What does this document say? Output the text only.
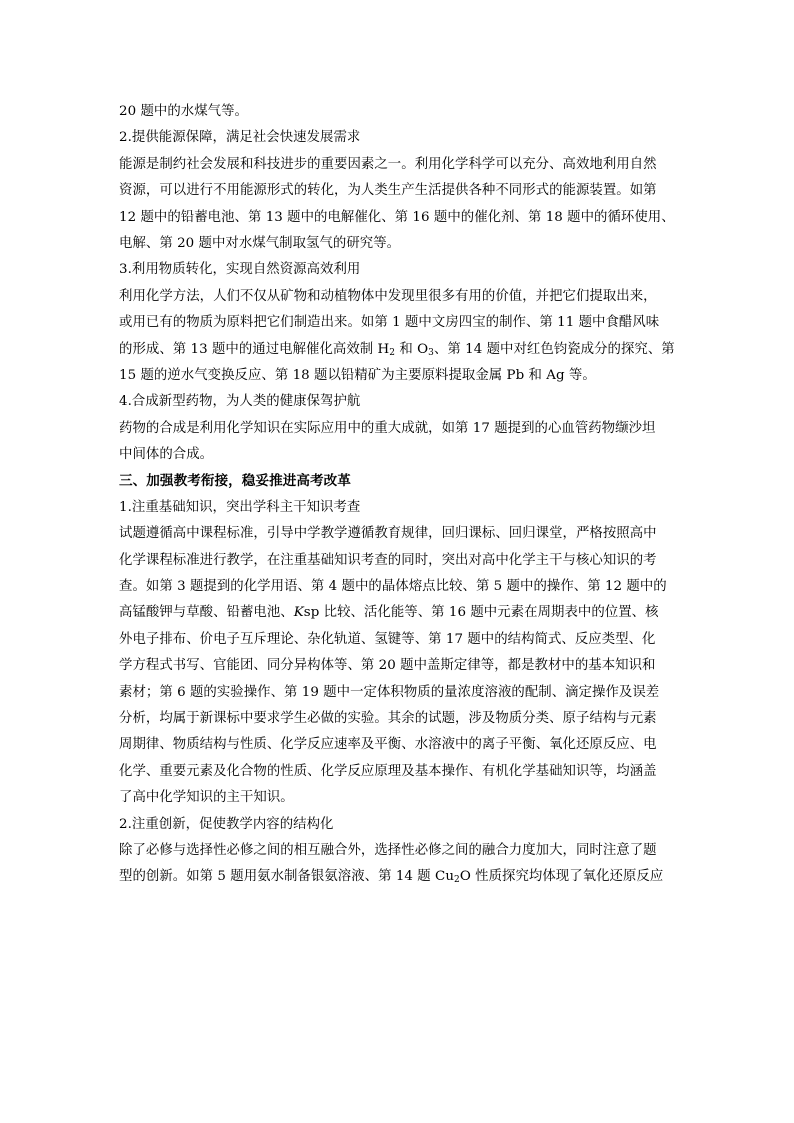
20 题中的水煤气等。
2.提供能源保障，满足社会快速发展需求
能源是制约社会发展和科技进步的重要因素之一。利用化学科学可以充分、高效地利用自然
资源，可以进行不用能源形式的转化，为人类生产生活提供各种不同形式的能源装置。如第
12 题中的铅蓄电池、第 13 题中的电解催化、第 16 题中的催化剂、第 18 题中的循环使用、
电解、第 20 题中对水煤气制取氢气的研究等。
3.利用物质转化，实现自然资源高效利用
利用化学方法，人们不仅从矿物和动植物体中发现里很多有用的价值，并把它们提取出来，
或用已有的物质为原料把它们制造出来。如第 1 题中文房四宝的制作、第 11 题中食醋风味
的形成、第 13 题中的通过电解催化高效制 $H_2$ 和 $O_3$、第 14 题中对红色钧瓷成分的探究、第
15 题的逆水气变换反应、第 18 题以铅精矿为主要原料提取金属 Pb 和 Ag 等。
4.合成新型药物，为人类的健康保驾护航
药物的合成是利用化学知识在实际应用中的重大成就，如第 17 题提到的心血管药物缬沙坦
中间体的合成。
三、加强教考衔接，稳妥推进高考改革
1.注重基础知识，突出学科主干知识考查
试题遵循高中课程标准，引导中学教学遵循教育规律，回归课标、回归课堂，严格按照高中
化学课程标准进行教学，在注重基础知识考查的同时，突出对高中化学主干与核心知识的考
查。如第 3 题提到的化学用语、第 4 题中的晶体熔点比较、第 5 题中的操作、第 12 题中的
高锰酸钾与草酸、铅蓄电池、Ksp 比较、活化能等、第 16 题中元素在周期表中的位置、核
外电子排布、价电子互斥理论、杂化轨道、氢键等、第 17 题中的结构简式、反应类型、化
学方程式书写、官能团、同分异构体等、第 20 题中盖斯定律等，都是教材中的基本知识和
素材；第 6 题的实验操作、第 19 题中一定体积物质的量浓度溶液的配制、滴定操作及误差
分析，均属于新课标中要求学生必做的实验。其余的试题，涉及物质分类、原子结构与元素
周期律、物质结构与性质、化学反应速率及平衡、水溶液中的离子平衡、氧化还原反应、电
化学、重要元素及化合物的性质、化学反应原理及基本操作、有机化学基础知识等，均涵盖
了高中化学知识的主干知识。
2.注重创新，促使教学内容的结构化
除了必修与选择性必修之间的相互融合外，选择性必修之间的融合力度加大，同时注意了题
型的创新。如第 5 题用氨水制备银氨溶液、第 14 题 $Cu_2O$ 性质探究均体现了氧化还原反应
